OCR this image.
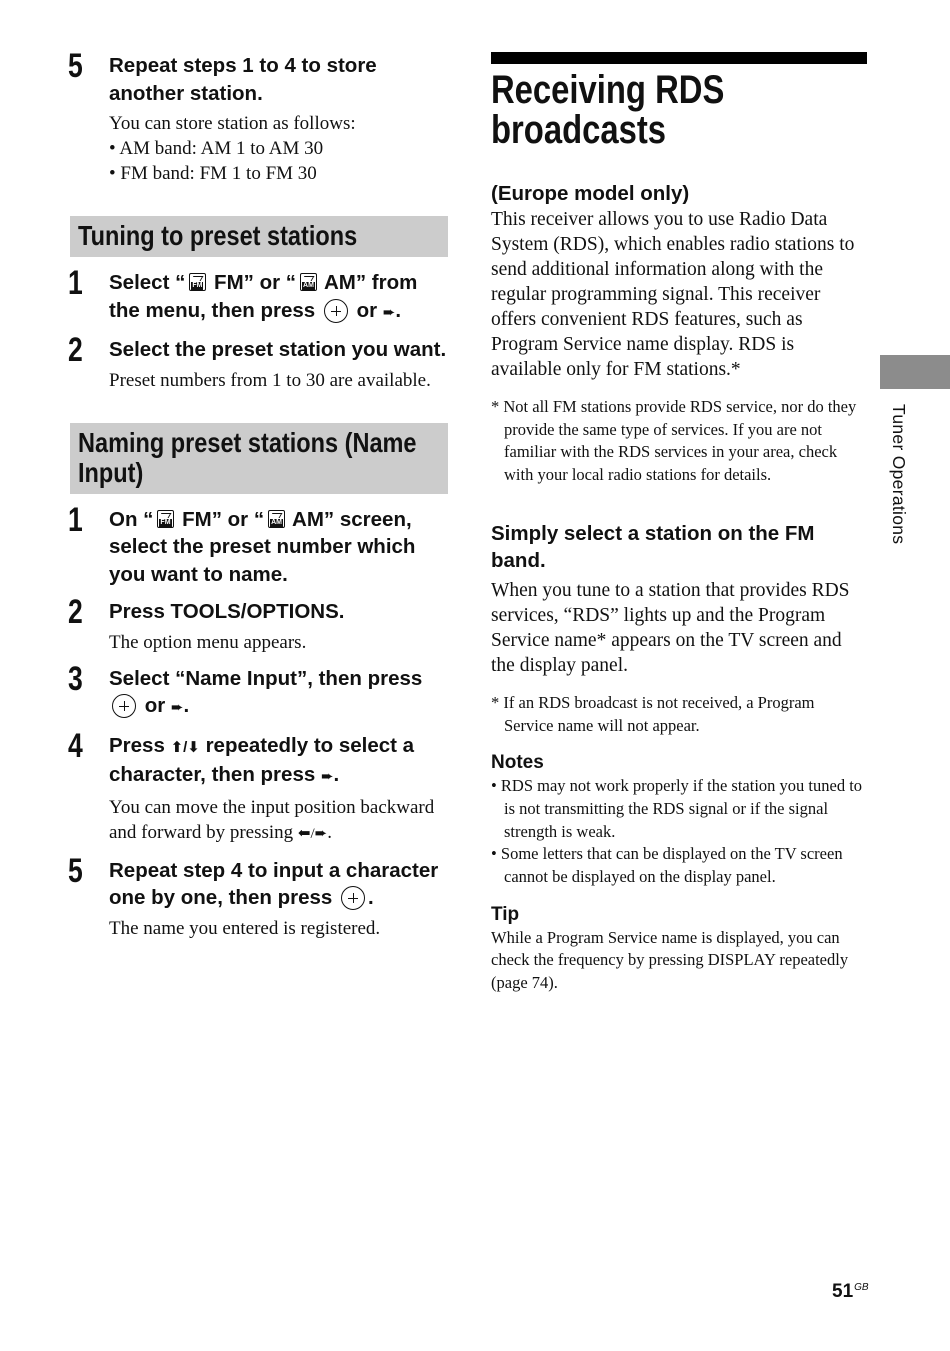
5 Repeat steps 1 to 4 to store another station.
You can store station as follows:
• AM band: AM 1 to AM 30
• FM band: FM 1 to FM 30
Tuning to preset stations
1 Select “ FM FM” or “ AM AM” from the menu, then press  or ➨.
2 Select the preset station you want.
Preset numbers from 1 to 30 are available.
Naming preset stations (Name Input)
1 On “ FM FM” or “ AM AM” screen, select the preset number which you want to name.
2 Press TOOLS/OPTIONS.
The option menu appears.
3 Select “Name Input”, then press  or ➨.
4 Press ⬆/⬇ repeatedly to select a character, then press ➨.
You can move the input position backward and forward by pressing ⬅/➨.
5 Repeat step 4 to input a character one by one, then press .
The name you entered is registered.
Receiving RDS broadcasts

(Europe model only)

This receiver allows you to use Radio Data System (RDS), which enables radio stations to send additional information along with the regular programming signal. This receiver offers convenient RDS features, such as Program Service name display. RDS is available only for FM stations.*

* Not all FM stations provide RDS service, nor do they provide the same type of services. If you are not familiar with the RDS services in your area, check with your local radio stations for details.

Simply select a station on the FM band.

When you tune to a station that provides RDS services, “RDS” lights up and the Program Service name* appears on the TV screen and the display panel.

* If an RDS broadcast is not received, a Program Service name will not appear.

Notes

• RDS may not work properly if the station you tuned to is not transmitting the RDS signal or if the signal strength is weak.

• Some letters that can be displayed on the TV screen cannot be displayed on the display panel.

Tip

While a Program Service name is displayed, you can check the frequency by pressing DISPLAY repeatedly (page 74).

Tuner Operations
$51^{GB}$
